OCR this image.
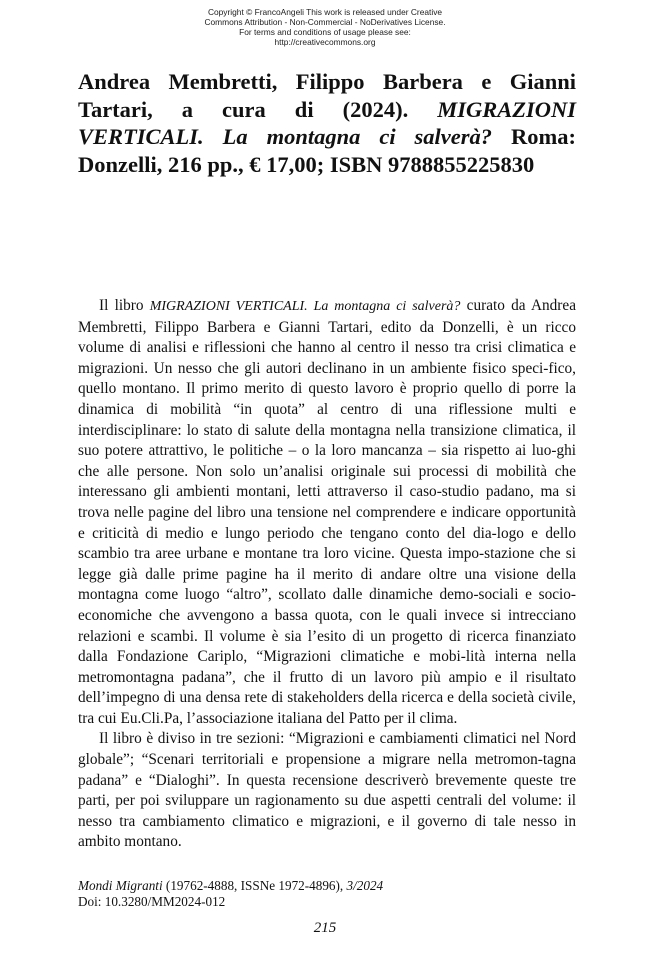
Copyright © FrancoAngeli This work is released under Creative
Commons Attribution - Non-Commercial - NoDerivatives License.
For terms and conditions of usage please see:
http://creativecommons.org
Andrea Membretti, Filippo Barbera e Gianni Tartari, a cura di (2024). MIGRAZIONI VERTICALI. La montagna ci salverà? Roma: Donzelli, 216 pp., € 17,00; ISBN 9788855225830

Il libro MIGRAZIONI VERTICALI. La montagna ci salverà? curato da Andrea Membretti, Filippo Barbera e Gianni Tartari, edito da Donzelli, è un ricco volume di analisi e riflessioni che hanno al centro il nesso tra crisi climatica e migrazioni. Un nesso che gli autori declinano in un ambiente fisico speci-fico, quello montano. Il primo merito di questo lavoro è proprio quello di porre la dinamica di mobilità “in quota” al centro di una riflessione multi e interdisciplinare: lo stato di salute della montagna nella transizione climatica, il suo potere attrattivo, le politiche – o la loro mancanza – sia rispetto ai luo-ghi che alle persone. Non solo un’analisi originale sui processi di mobilità che interessano gli ambienti montani, letti attraverso il caso-studio padano, ma si trova nelle pagine del libro una tensione nel comprendere e indicare opportunità e criticità di medio e lungo periodo che tengano conto del dia-logo e dello scambio tra aree urbane e montane tra loro vicine. Questa impo-stazione che si legge già dalle prime pagine ha il merito di andare oltre una visione della montagna come luogo “altro”, scollato dalle dinamiche demo-sociali e socio-economiche che avvengono a bassa quota, con le quali invece si intrecciano relazioni e scambi. Il volume è sia l’esito di un progetto di ricerca finanziato dalla Fondazione Cariplo, “Migrazioni climatiche e mobi-lità interna nella metromontagna padana”, che il frutto di un lavoro più ampio e il risultato dell’impegno di una densa rete di stakeholders della ricerca e della società civile, tra cui Eu.Cli.Pa, l’associazione italiana del Patto per il clima.

Il libro è diviso in tre sezioni: “Migrazioni e cambiamenti climatici nel Nord globale”; “Scenari territoriali e propensione a migrare nella metromon-tagna padana” e “Dialoghi”. In questa recensione descriverò brevemente queste tre parti, per poi sviluppare un ragionamento su due aspetti centrali del volume: il nesso tra cambiamento climatico e migrazioni, e il governo di tale nesso in ambito montano.

Mondi Migranti (19762-4888, ISSNe 1972-4896), 3/2024
Doi: 10.3280/MM2024-012
215
